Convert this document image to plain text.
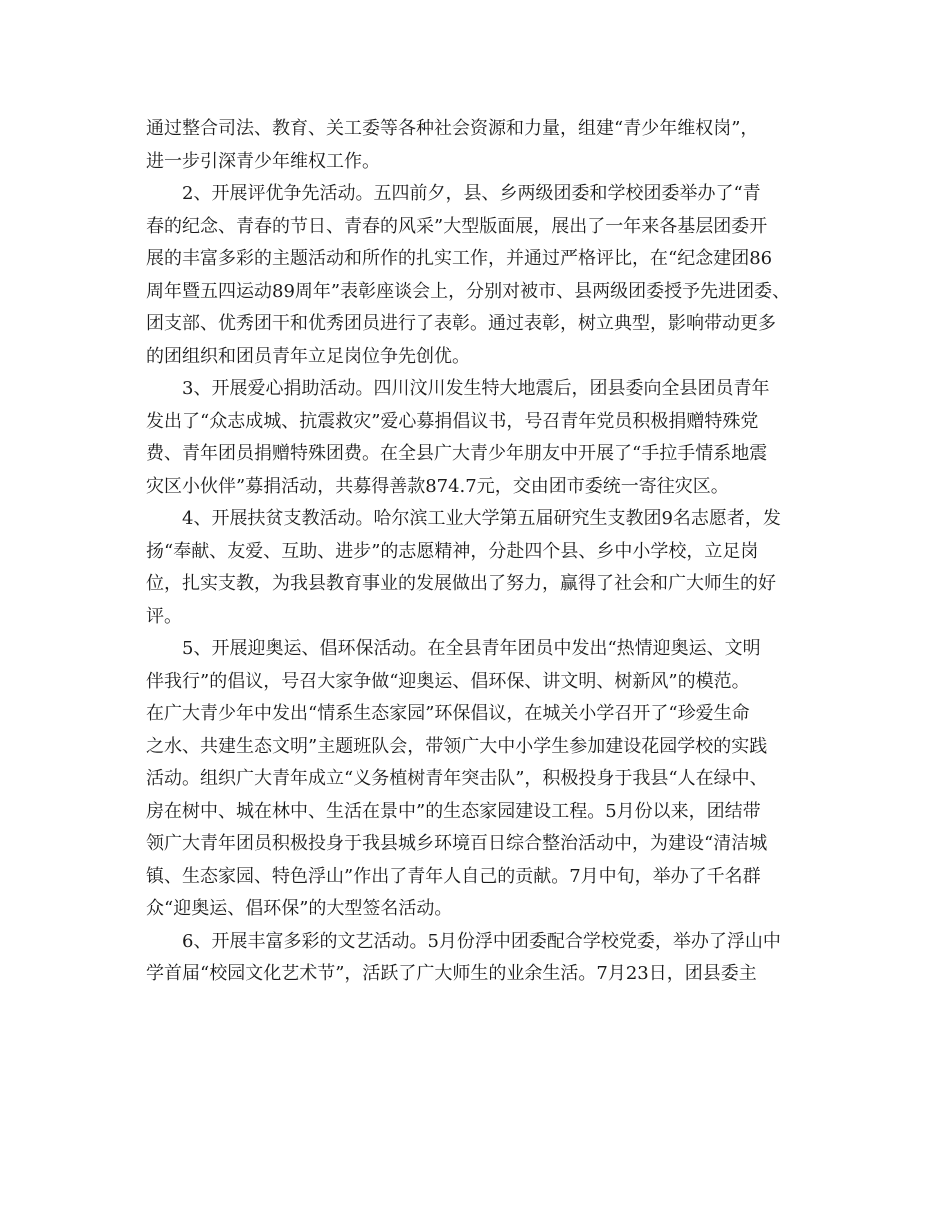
通过整合司法、教育、关工委等各种社会资源和力量，组建“青少年维权岗”，
进一步引深青少年维权工作。
2、开展评优争先活动。五四前夕，县、乡两级团委和学校团委举办了“青
春的纪念、青春的节日、青春的风采”大型版面展，展出了一年来各基层团委开
展的丰富多彩的主题活动和所作的扎实工作，并通过严格评比，在“纪念建团86
周年暨五四运动89周年”表彰座谈会上，分别对被市、县两级团委授予先进团委、
团支部、优秀团干和优秀团员进行了表彰。通过表彰，树立典型，影响带动更多
的团组织和团员青年立足岗位争先创优。
3、开展爱心捐助活动。四川汶川发生特大地震后，团县委向全县团员青年
发出了“众志成城、抗震救灾”爱心募捐倡议书，号召青年党员积极捐赠特殊党
费、青年团员捐赠特殊团费。在全县广大青少年朋友中开展了“手拉手情系地震
灾区小伙伴”募捐活动，共募得善款874.7元，交由团市委统一寄往灾区。
4、开展扶贫支教活动。哈尔滨工业大学第五届研究生支教团9名志愿者，发
扬“奉献、友爱、互助、进步”的志愿精神，分赴四个县、乡中小学校，立足岗
位，扎实支教，为我县教育事业的发展做出了努力，赢得了社会和广大师生的好
评。
5、开展迎奥运、倡环保活动。在全县青年团员中发出“热情迎奥运、文明
伴我行”的倡议，号召大家争做“迎奥运、倡环保、讲文明、树新风”的模范。
在广大青少年中发出“情系生态家园”环保倡议，在城关小学召开了“珍爱生命
之水、共建生态文明”主题班队会，带领广大中小学生参加建设花园学校的实践
活动。组织广大青年成立“义务植树青年突击队”，积极投身于我县“人在绿中、
房在树中、城在林中、生活在景中”的生态家园建设工程。5月份以来，团结带
领广大青年团员积极投身于我县城乡环境百日综合整治活动中，为建设“清洁城
镇、生态家园、特色浮山”作出了青年人自己的贡献。7月中旬，举办了千名群
众“迎奥运、倡环保”的大型签名活动。
6、开展丰富多彩的文艺活动。5月份浮中团委配合学校党委，举办了浮山中
学首届“校园文化艺术节”，活跃了广大师生的业余生活。7月23日，团县委主
